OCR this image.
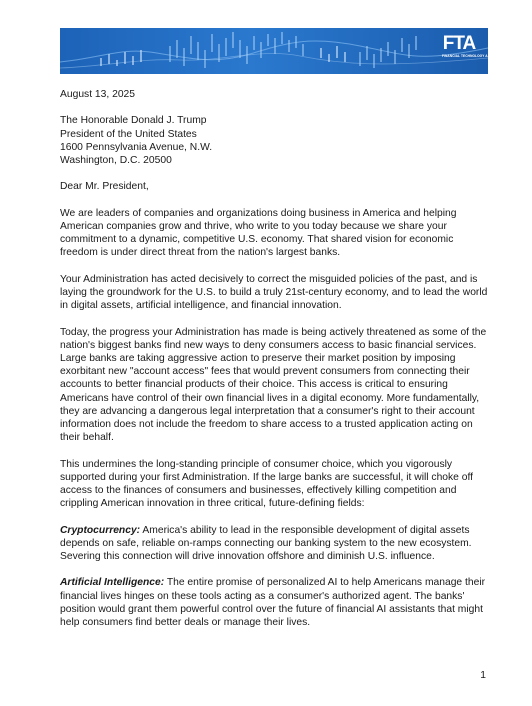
FTA
FINANCIAL TECHNOLOGY ASSOCIATION

August 13, 2025

The Honorable Donald J. Trump

President of the United States

1600 Pennsylvania Avenue, N.W.

Washington, D.C. 20500

Dear Mr. President,

We are leaders of companies and organizations doing business in America and helping American companies grow and thrive, who write to you today because we share your commitment to a dynamic, competitive U.S. economy. That shared vision for economic freedom is under direct threat from the nation's largest banks.

Your Administration has acted decisively to correct the misguided policies of the past, and is laying the groundwork for the U.S. to build a truly 21st-century economy, and to lead the world in digital assets, artificial intelligence, and financial innovation.

Today, the progress your Administration has made is being actively threatened as some of the nation's biggest banks find new ways to deny consumers access to basic financial services. Large banks are taking aggressive action to preserve their market position by imposing exorbitant new "account access" fees that would prevent consumers from connecting their accounts to better financial products of their choice. This access is critical to ensuring Americans have control of their own financial lives in a digital economy. More fundamentally, they are advancing a dangerous legal interpretation that a consumer's right to their account information does not include the freedom to share access to a trusted application acting on their behalf.

This undermines the long-standing principle of consumer choice, which you vigorously supported during your first Administration. If the large banks are successful, it will choke off access to the finances of consumers and businesses, effectively killing competition and crippling American innovation in three critical, future-defining fields:

Cryptocurrency: America's ability to lead in the responsible development of digital assets depends on safe, reliable on-ramps connecting our banking system to the new ecosystem. Severing this connection will drive innovation offshore and diminish U.S. influence.

Artificial Intelligence: The entire promise of personalized AI to help Americans manage their financial lives hinges on these tools acting as a consumer's authorized agent. The banks' position would grant them powerful control over the future of financial AI assistants that might help consumers find better deals or manage their lives.

1
